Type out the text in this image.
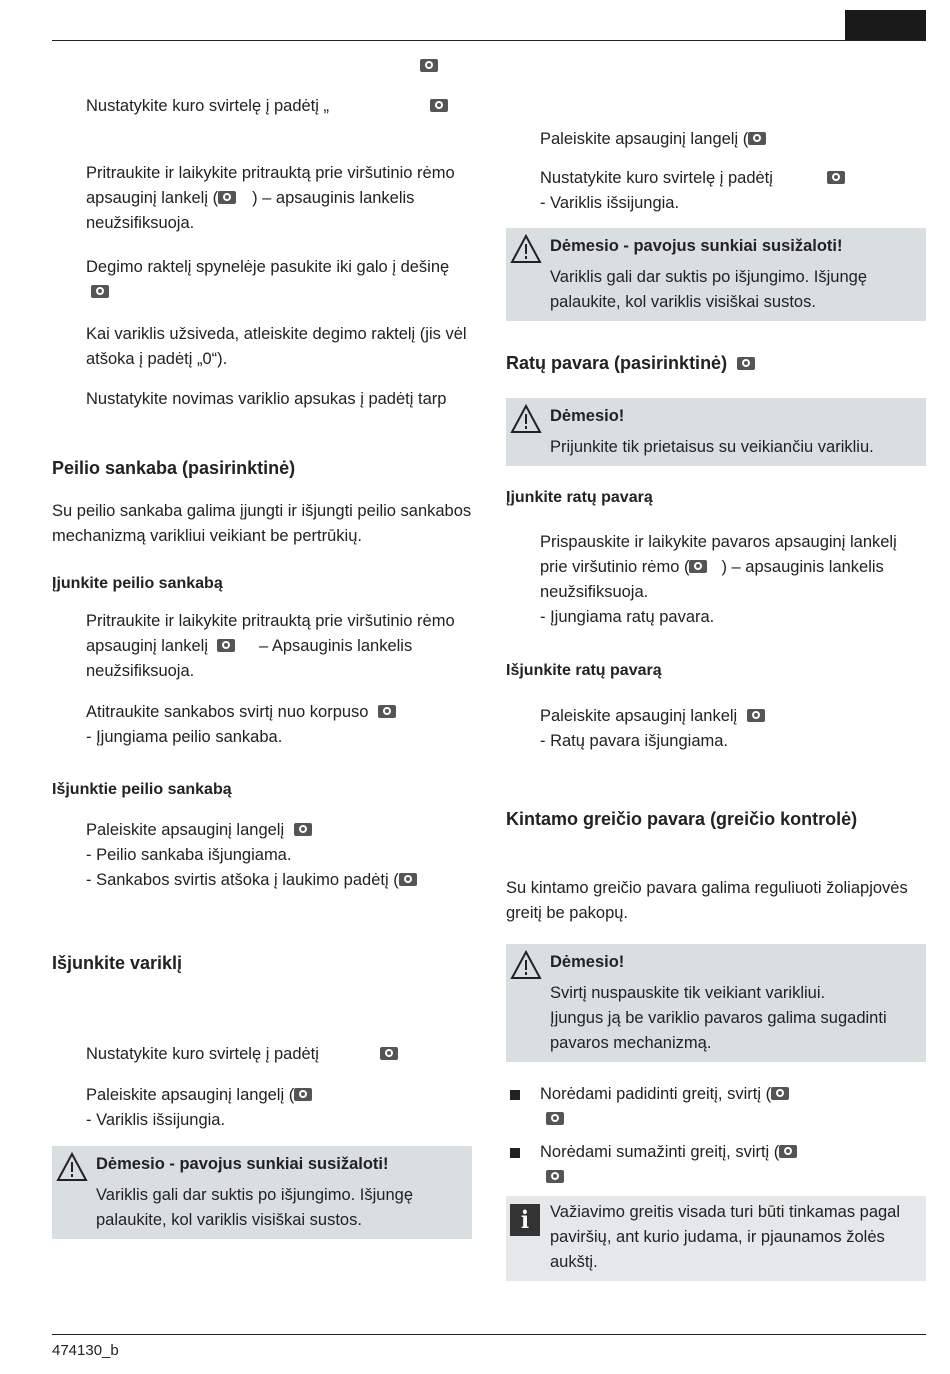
Nustatykite kuro svirtelę į padėtį „
Pritraukite ir laikykite pritrauktą prie viršutinio rėmo
apsauginį lankelį ( ) – apsauginis lankelis
neužsifiksuoja.
Degimo raktelį spynelėje pasukite iki galo į dešinę
Kai variklis užsiveda, atleiskite degimo raktelį (jis vėl
atšoka į padėtį „0“).
Nustatykite novimas variklio apsukas į padėtį tarp
Peilio sankaba (pasirinktinė)
Su peilio sankaba galima įjungti ir išjungti peilio sankabos
mechanizmą varikliui veikiant be pertrūkių.
Įjunkite peilio sankabą
Pritraukite ir laikykite pritrauktą prie viršutinio rėmo
apsauginį lankelį	– Apsauginis lankelis
neužsifiksuoja.
Atitraukite sankabos svirtį nuo korpuso
- Įjungiama peilio sankaba.
Išjunktie peilio sankabą
Paleiskite apsauginį langelį
- Peilio sankaba išjungiama.
- Sankabos svirtis atšoka į laukimo padėtį (
Išjunkite variklį
Nustatykite kuro svirtelę į padėtį
Paleiskite apsauginį langelį (
- Variklis išsijungia.
Dėmesio - pavojus sunkiai susižaloti!
Variklis gali dar suktis po išjungimo. Išjungę
palaukite, kol variklis visiškai sustos.
Paleiskite apsauginį langelį (
Nustatykite kuro svirtelę į padėtį
- Variklis išsijungia.
Dėmesio - pavojus sunkiai susižaloti!
Variklis gali dar suktis po išjungimo. Išjungę
palaukite, kol variklis visiškai sustos.
Ratų pavara (pasirinktinė)
Dėmesio!
Prijunkite tik prietaisus su veikiančiu varikliu.
Įjunkite ratų pavarą
Prispauskite ir laikykite pavaros apsauginį lankelį
prie viršutinio rėmo ( ) – apsauginis lankelis
neužsifiksuoja.
- Įjungiama ratų pavara.
Išjunkite ratų pavarą
Paleiskite apsauginį lankelį
- Ratų pavara išjungiama.
Kintamo greičio pavara (greičio kontrolė)
Su kintamo greičio pavara galima reguliuoti žoliapjovės
greitį be pakopų.
Dėmesio!
Svirtį nuspauskite tik veikiant varikliui.
Įjungus ją be variklio pavaros galima sugadinti
pavaros mechanizmą.
Norėdami padidinti greitį, svirtį (
Norėdami sumažinti greitį, svirtį (
i	Važiavimo greitis visada turi būti tinkamas pagal
paviršių, ant kurio judama, ir pjaunamos žolės
aukštį.
474130_b
